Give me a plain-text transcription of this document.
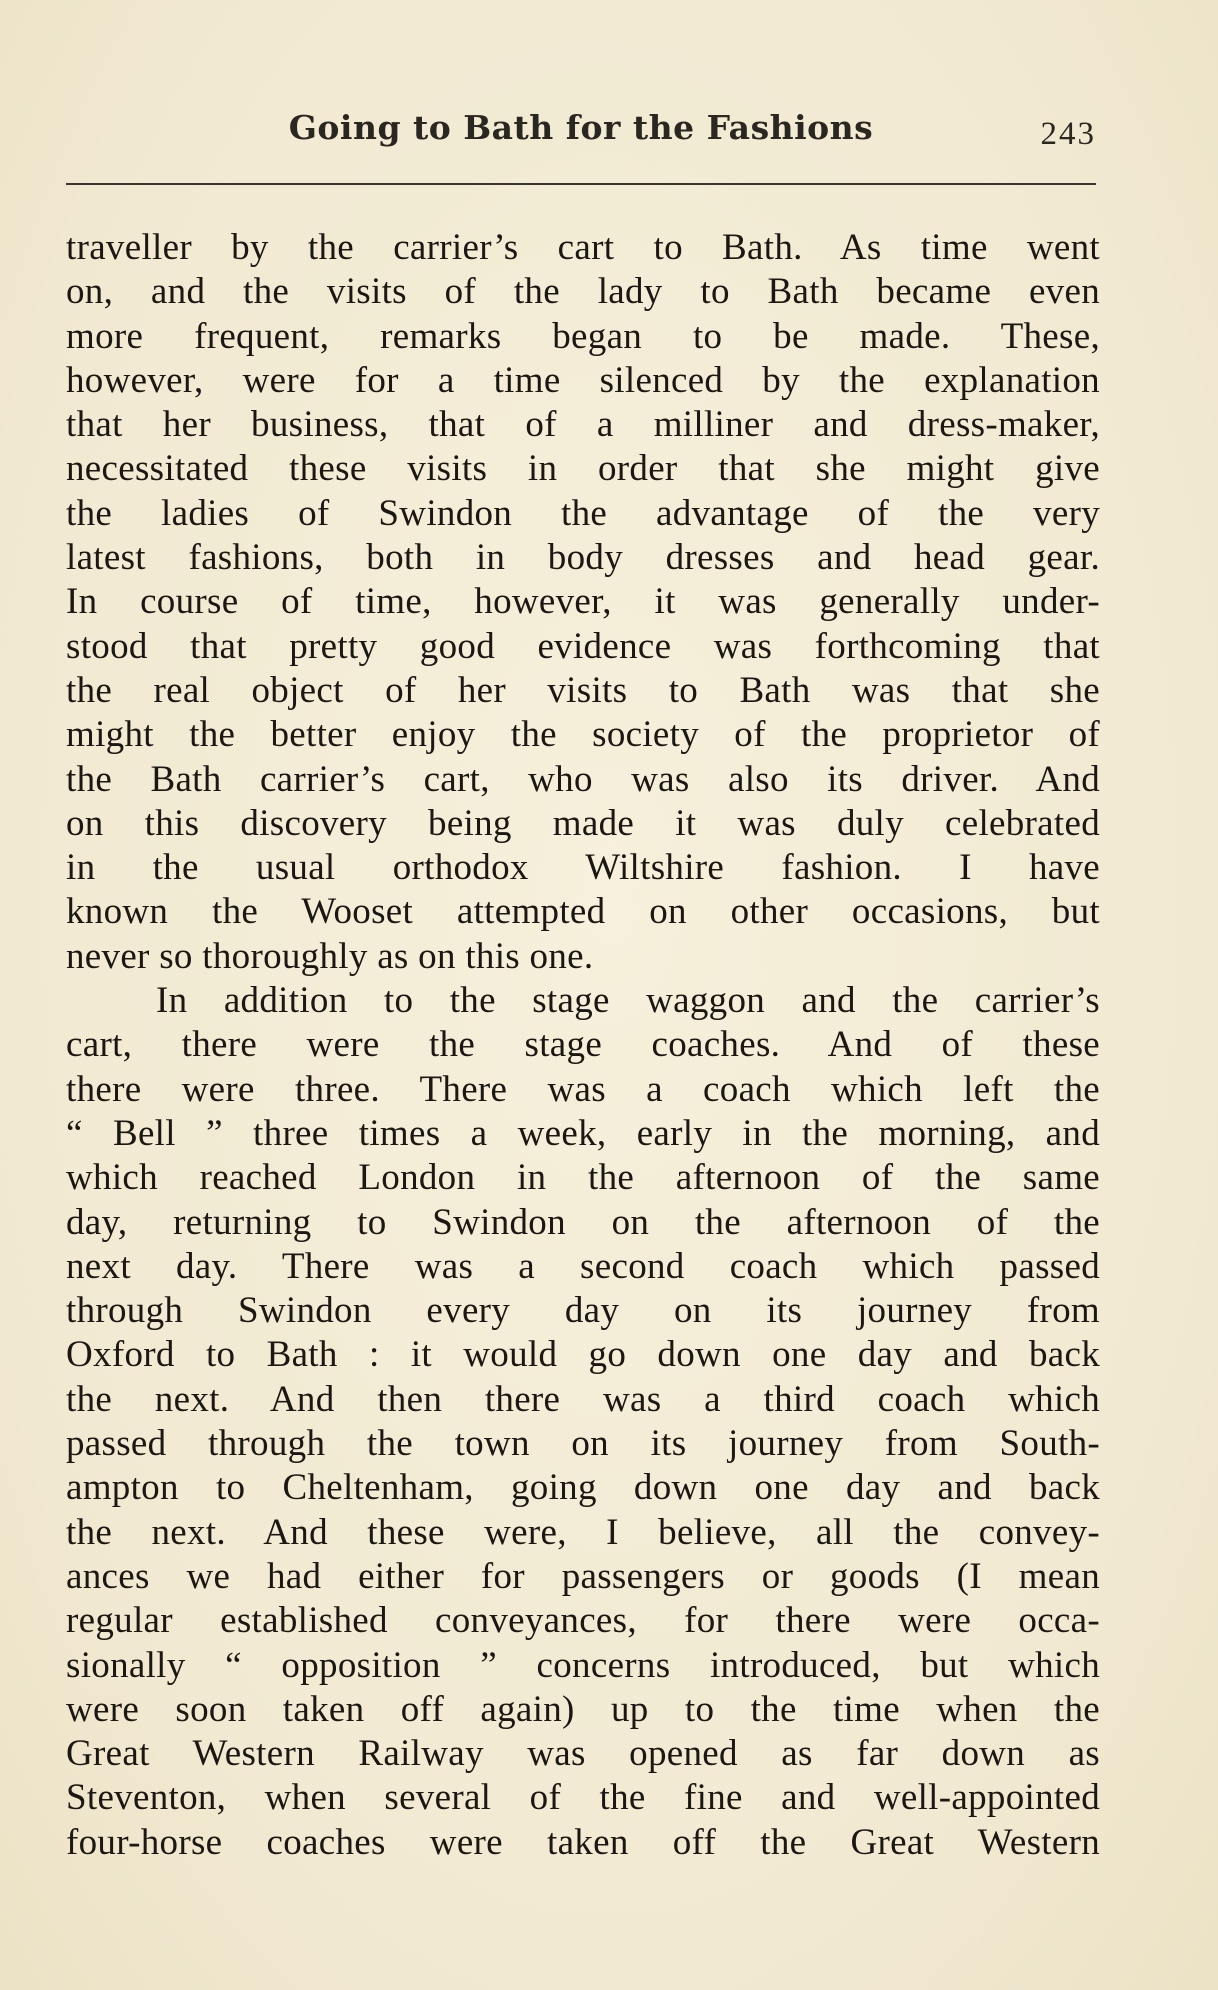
Going to Bath for the Fashions	243
traveller by the carrier’s cart to Bath. As time went
on, and the visits of the lady to Bath became even
more frequent, remarks began to be made. These,
however, were for a time silenced by the explanation
that her business, that of a milliner and dress-maker,
necessitated these visits in order that she might give
the ladies of Swindon the advantage of the very
latest fashions, both in body dresses and head gear.
In course of time, however, it was generally under-
stood that pretty good evidence was forthcoming that
the real object of her visits to Bath was that she
might the better enjoy the society of the proprietor of
the Bath carrier’s cart, who was also its driver. And
on this discovery being made it was duly celebrated
in the usual orthodox Wiltshire fashion. I have
known the Wooset attempted on other occasions, but
never so thoroughly as on this one.
In addition to the stage waggon and the carrier’s
cart, there were the stage coaches. And of these
there were three. There was a coach which left the
“ Bell ” three times a week, early in the morning, and
which reached London in the afternoon of the same
day, returning to Swindon on the afternoon of the
next day. There was a second coach which passed
through Swindon every day on its journey from
Oxford to Bath : it would go down one day and back
the next. And then there was a third coach which
passed through the town on its journey from South-
ampton to Cheltenham, going down one day and back
the next. And these were, I believe, all the convey-
ances we had either for passengers or goods (I mean
regular established conveyances, for there were occa-
sionally “ opposition ” concerns introduced, but which
were soon taken off again) up to the time when the
Great Western Railway was opened as far down as
Steventon, when several of the fine and well-appointed
four-horse coaches were taken off the Great Western
